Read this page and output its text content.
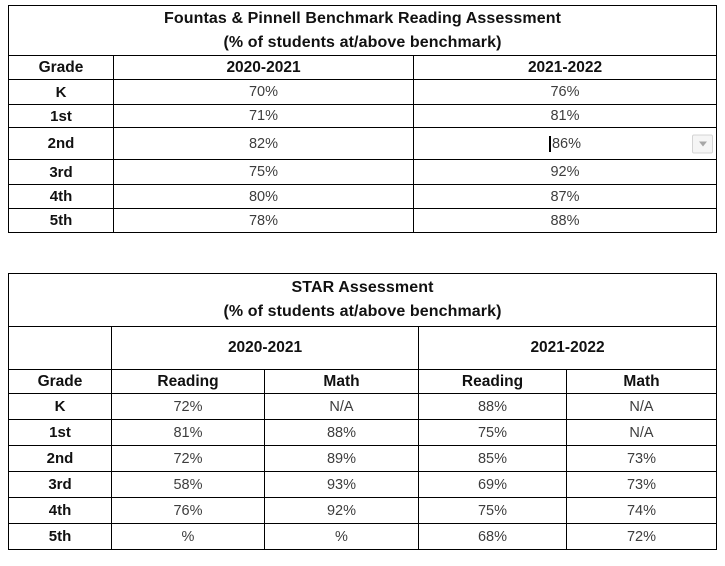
Fountas & Pinnell Benchmark Reading Assessment
(% of students at/above benchmark)		

Grade	2020-2021	2021-2022
K	70%	76%
1st	71%	81%
2nd	82%	86%

3rd	75%	92%
4th	80%	87%
5th	78%	88%
STAR Assessment
(% of students at/above benchmark)				

	2020-2021		2021-2022	
Grade	Reading	Math	Reading	Math
K	72%	N/A	88%	N/A
1st	81%	88%	75%	N/A
2nd	72%	89%	85%	73%
3rd	58%	93%	69%	73%
4th	76%	92%	75%	74%
5th	%	%	68%	72%
